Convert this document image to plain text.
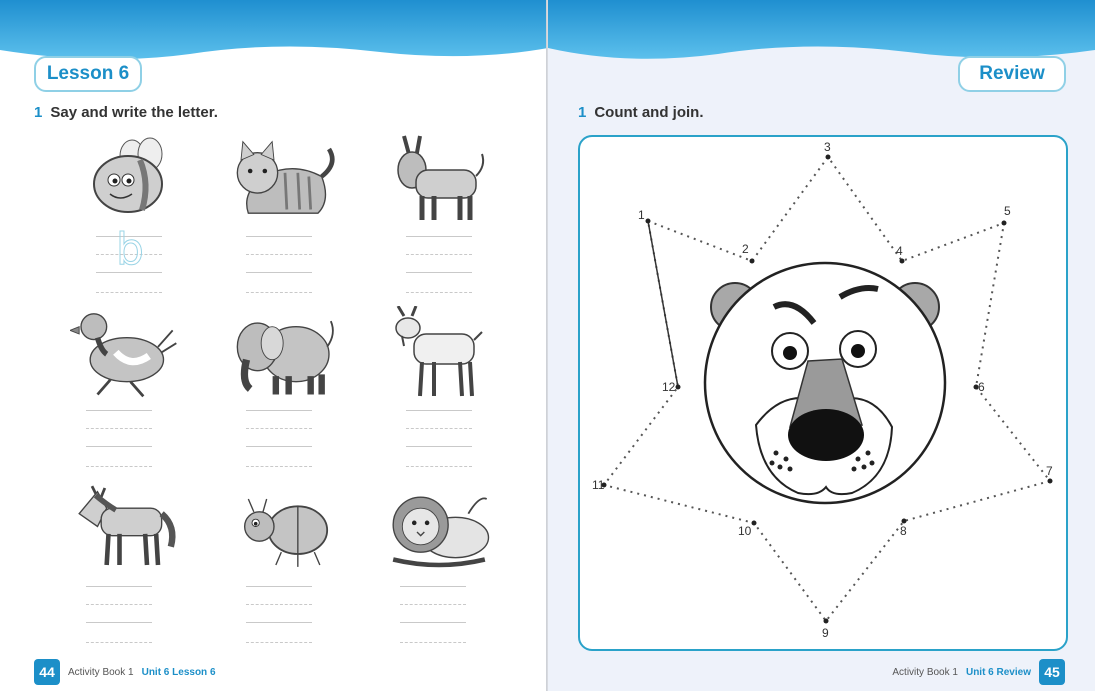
Lesson 6
1 Say and write the letter.
b
44	Activity Book 1 Unit 6 Lesson 6
Review
1 Count and join.
1
2
3
4
5
6
7
8
9
10
11
12
Activity Book 1 Unit 6 Review 45
